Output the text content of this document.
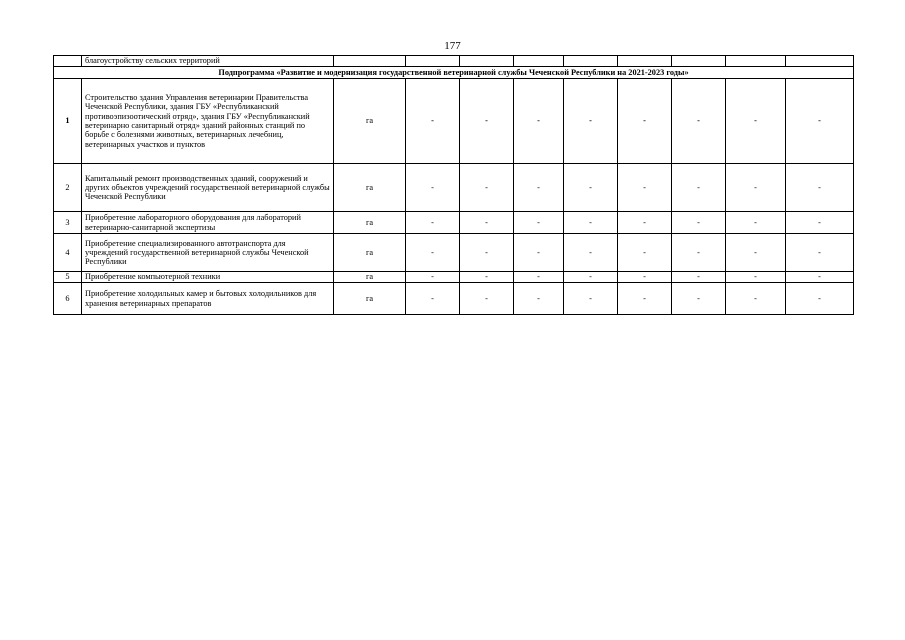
177
	благоустройству сельских территорий									
Подпрограмма «Развитие и модернизация государственной ветеринарной службы Чеченской Республики на 2021-2023 годы»										
1	Строительство здания Управления ветеринарии Правительства Чеченской Республики, здания ГБУ «Республиканский противоэпизоотический отряд», здания ГБУ «Республиканский ветеринарно санитарный отряд» зданий районных станций по борьбе с болезнями животных, ветеринарных лечебниц, ветеринарных участков и пунктов	га	-	-	-	-	-	-	-	-
2	Капитальный ремонт производственных зданий, сооружений и других объектов учреждений государственной ветеринарной службы Чеченской Республики	га	-	-	-	-	-	-	-	-
3	Приобретение лабораторного оборудования для лабораторий ветеринарно-санитарной экспертизы	га	-	-	-	-	-	-	-	-
4	Приобретение специализированного автотранспорта для учреждений государственной ветеринарной службы Чеченской Республики	га	-	-	-	-	-	-	-	-
5	Приобретение компьютерной техники	га	-	-	-	-	-	-	-	-
6	Приобретение холодильных камер и бытовых холодильников для хранения ветеринарных препаратов	га	-	-	-	-	-	-	-	-
